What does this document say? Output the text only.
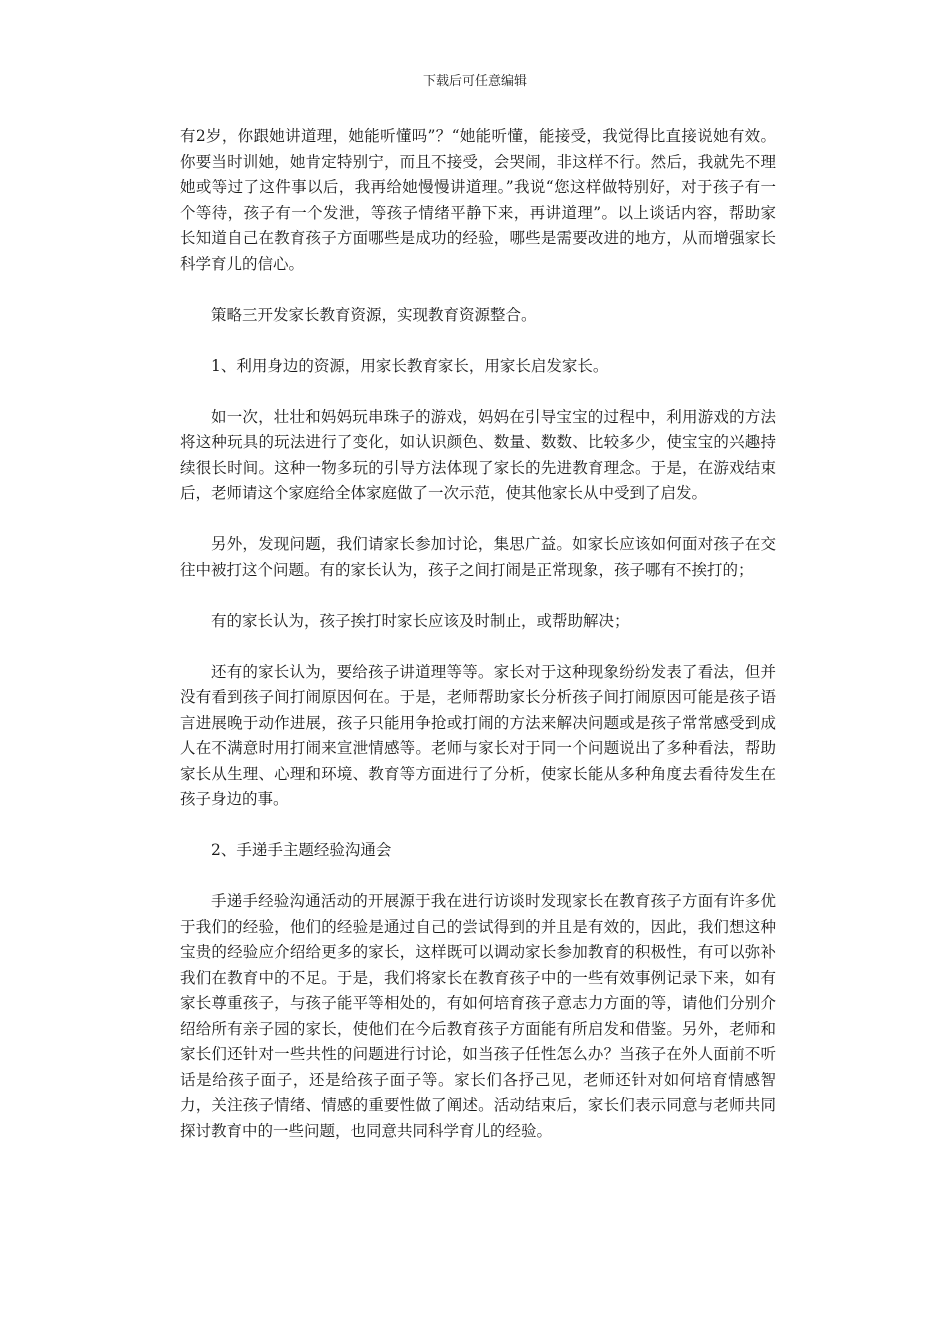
下载后可任意编辑

有2岁，你跟她讲道理，她能听懂吗”？“她能听懂，能接受，我觉得比直接说她有效。你要当时训她，她肯定特别宁，而且不接受，会哭闹，非这样不行。然后，我就先不理她或等过了这件事以后，我再给她慢慢讲道理。”我说“您这样做特别好，对于孩子有一个等待，孩子有一个发泄，等孩子情绪平静下来，再讲道理”。以上谈话内容，帮助家长知道自己在教育孩子方面哪些是成功的经验，哪些是需要改进的地方，从而增强家长科学育儿的信心。

策略三开发家长教育资源，实现教育资源整合。

1、利用身边的资源，用家长教育家长，用家长启发家长。

如一次，壮壮和妈妈玩串珠子的游戏，妈妈在引导宝宝的过程中，利用游戏的方法将这种玩具的玩法进行了变化，如认识颜色、数量、数数、比较多少，使宝宝的兴趣持续很长时间。这种一物多玩的引导方法体现了家长的先进教育理念。于是，在游戏结束后，老师请这个家庭给全体家庭做了一次示范，使其他家长从中受到了启发。

另外，发现问题，我们请家长参加讨论，集思广益。如家长应该如何面对孩子在交往中被打这个问题。有的家长认为，孩子之间打闹是正常现象，孩子哪有不挨打的；

有的家长认为，孩子挨打时家长应该及时制止，或帮助解决；

还有的家长认为，要给孩子讲道理等等。家长对于这种现象纷纷发表了看法，但并没有看到孩子间打闹原因何在。于是，老师帮助家长分析孩子间打闹原因可能是孩子语言进展晚于动作进展，孩子只能用争抢或打闹的方法来解决问题或是孩子常常感受到成人在不满意时用打闹来宣泄情感等。老师与家长对于同一个问题说出了多种看法，帮助家长从生理、心理和环境、教育等方面进行了分析，使家长能从多种角度去看待发生在孩子身边的事。

2、手递手主题经验沟通会

手递手经验沟通活动的开展源于我在进行访谈时发现家长在教育孩子方面有许多优于我们的经验，他们的经验是通过自己的尝试得到的并且是有效的，因此，我们想这种宝贵的经验应介绍给更多的家长，这样既可以调动家长参加教育的积极性，有可以弥补我们在教育中的不足。于是，我们将家长在教育孩子中的一些有效事例记录下来，如有家长尊重孩子，与孩子能平等相处的，有如何培育孩子意志力方面的等，请他们分别介绍给所有亲子园的家长，使他们在今后教育孩子方面能有所启发和借鉴。另外，老师和家长们还针对一些共性的问题进行讨论，如当孩子任性怎么办？当孩子在外人面前不听话是给孩子面子，还是给孩子面子等。家长们各抒己见，老师还针对如何培育情感智力，关注孩子情绪、情感的重要性做了阐述。活动结束后，家长们表示同意与老师共同探讨教育中的一些问题，也同意共同科学育儿的经验。
